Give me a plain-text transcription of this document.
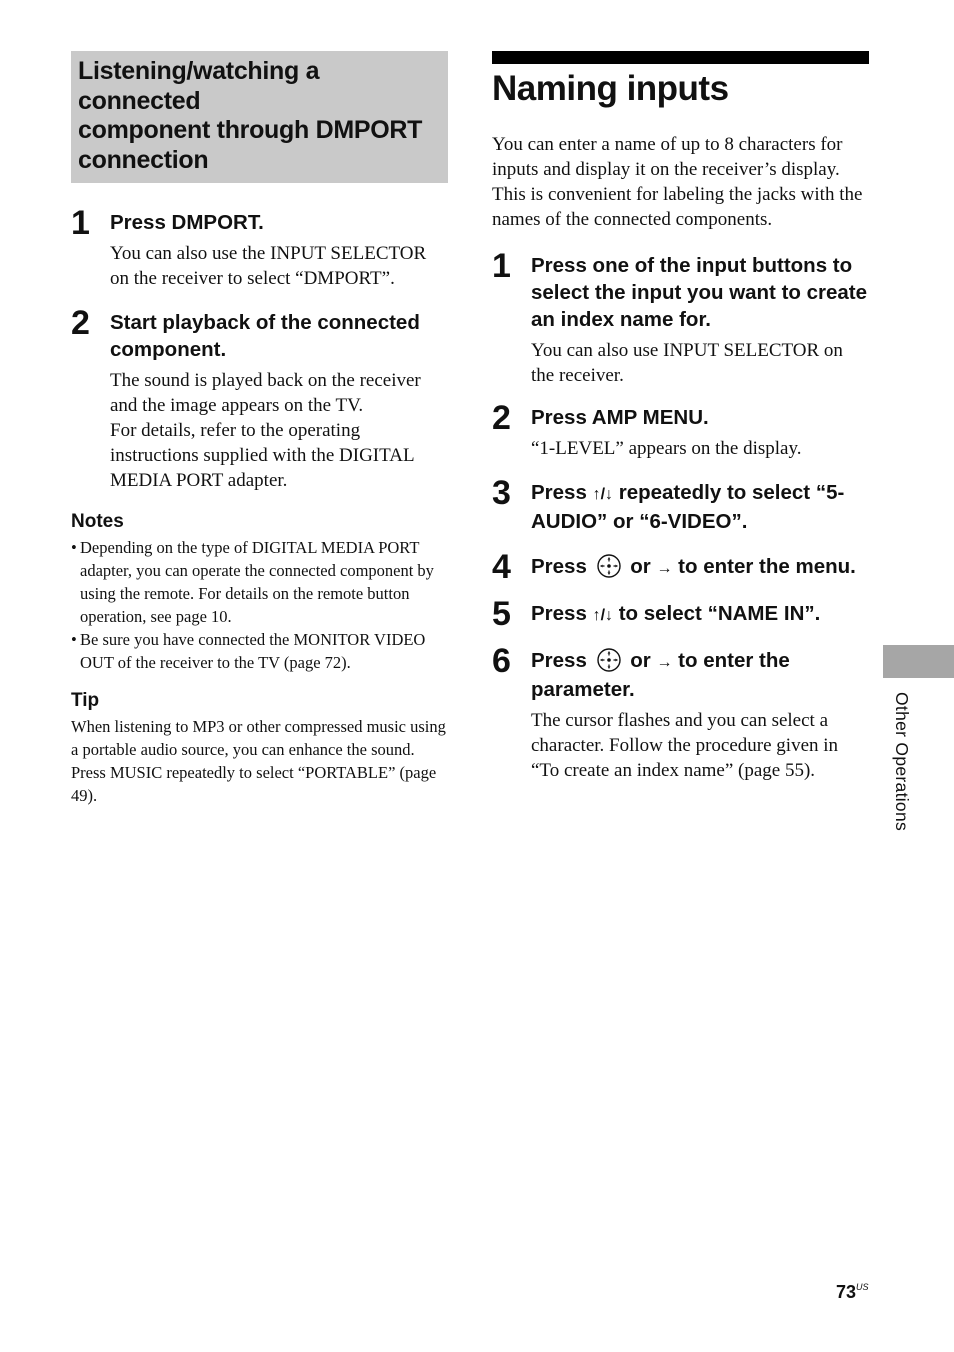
Listening/watching a connected
component through DMPORT
connection
1 Press DMPORT.

You can also use the INPUT SELECTOR on the receiver to select “DMPORT”.

2 Start playback of the connected component.

The sound is played back on the receiver and the image appears on the TV.

For details, refer to the operating instructions supplied with the DIGITAL MEDIA PORT adapter.

Notes
• Depending on the type of DIGITAL MEDIA PORT adapter, you can operate the connected component by using the remote. For details on the remote button operation, see page 10.
• Be sure you have connected the MONITOR VIDEO OUT of the receiver to the TV (page 72).
Tip
When listening to MP3 or other compressed music using a portable audio source, you can enhance the sound. Press MUSIC repeatedly to select “PORTABLE” (page 49).
Naming inputs
You can enter a name of up to 8 characters for inputs and display it on the receiver’s display. This is convenient for labeling the jacks with the names of the connected components.
1 Press one of the input buttons to select the input you want to create an index name for.
You can also use INPUT SELECTOR on the receiver.
2 Press AMP MENU.
“1-LEVEL” appears on the display.
3 Press ↑/↓ repeatedly to select “5-AUDIO” or “6-VIDEO”.
4 Press  or → to enter the menu.
5 Press ↑/↓ to select “NAME IN”.
6 Press  or → to enter the parameter.
The cursor flashes and you can select a character. Follow the procedure given in “To create an index name” (page 55).	Other Operations
$73^{US}$
